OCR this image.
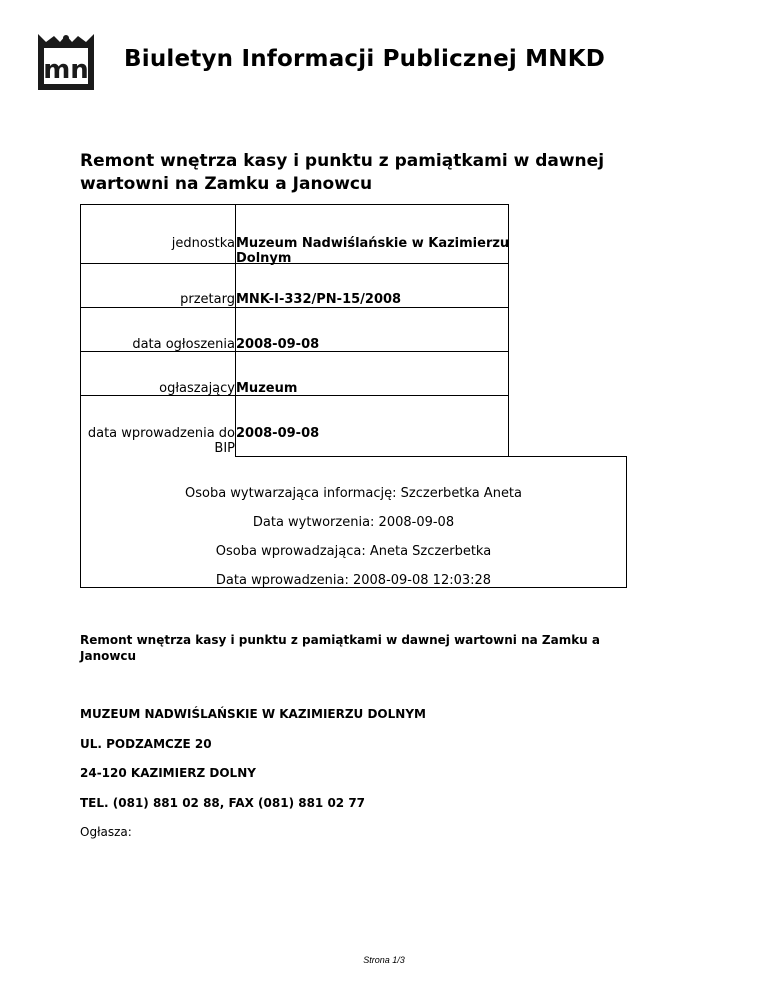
mn Biuletyn Informacji Publicznej MNKD
Remont wnętrza kasy i punktu z pamiątkami w dawnej wartowni na Zamku a Janowcu
jednostka Muzeum Nadwiślańskie w Kazimierzu Dolnym
przetarg MNK-I-332/PN-15/2008
data ogłoszenia 2008-09-08
ogłaszający Muzeum
data wprowadzenia do BIP
2008-09-08
Osoba wytwarzająca informację: Szczerbetka Aneta
Data wytworzenia: 2008-09-08
Osoba wprowadzająca: Aneta Szczerbetka
Data wprowadzenia: 2008-09-08 12:03:28
Remont wnętrza kasy i punktu z pamiątkami w dawnej wartowni na Zamku a Janowcu
MUZEUM NADWIŚLAŃSKIE W KAZIMIERZU DOLNYM
UL. PODZAMCZE 20
24-120 KAZIMIERZ DOLNY
TEL. (081) 881 02 88, FAX (081) 881 02 77
Ogłasza:
Strona 1/3
